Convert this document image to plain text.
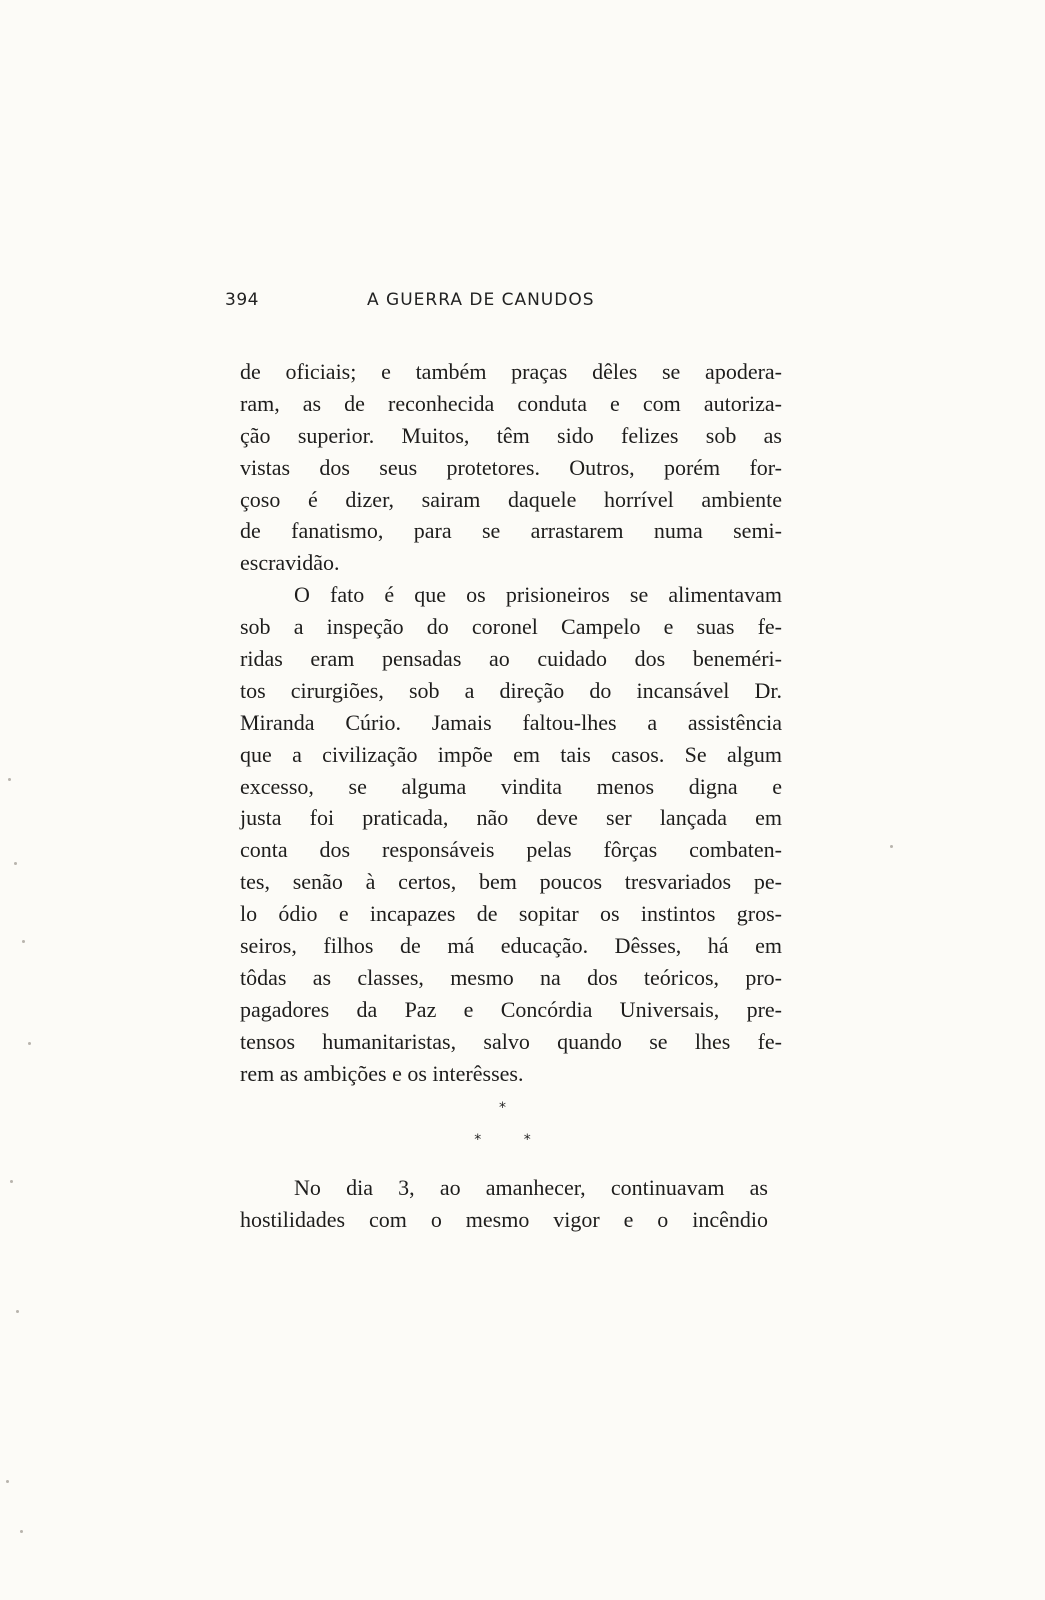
394	A GUERRA DE CANUDOS
de oficiais; e também praças dêles se apodera-
ram, as de reconhecida conduta e com autoriza-
ção superior. Muitos, têm sido felizes sob as
vistas dos seus protetores. Outros, porém for-
çoso é dizer, sairam daquele horrível ambiente
de fanatismo, para se arrastarem numa semi-
escravidão.
O fato é que os prisioneiros se alimentavam
sob a inspeção do coronel Campelo e suas fe-
ridas eram pensadas ao cuidado dos beneméri-
tos cirurgiões, sob a direção do incansável Dr.
Miranda Cúrio. Jamais faltou-lhes a assistência
que a civilização impõe em tais casos. Se algum
excesso, se alguma vindita menos digna e
justa foi praticada, não deve ser lançada em
conta dos responsáveis pelas fôrças combaten-
tes, senão à certos, bem poucos tresvariados pe-
lo ódio e incapazes de sopitar os instintos gros-
seiros, filhos de má educação. Dêsses, há em
tôdas as classes, mesmo na dos teóricos, pro-
pagadores da Paz e Concórdia Universais, pre-
tensos humanitaristas, salvo quando se lhes fe-
rem as ambições e os interêsses.
*
* *
No dia 3, ao amanhecer, continuavam as
hostilidades com o mesmo vigor e o incêndio
